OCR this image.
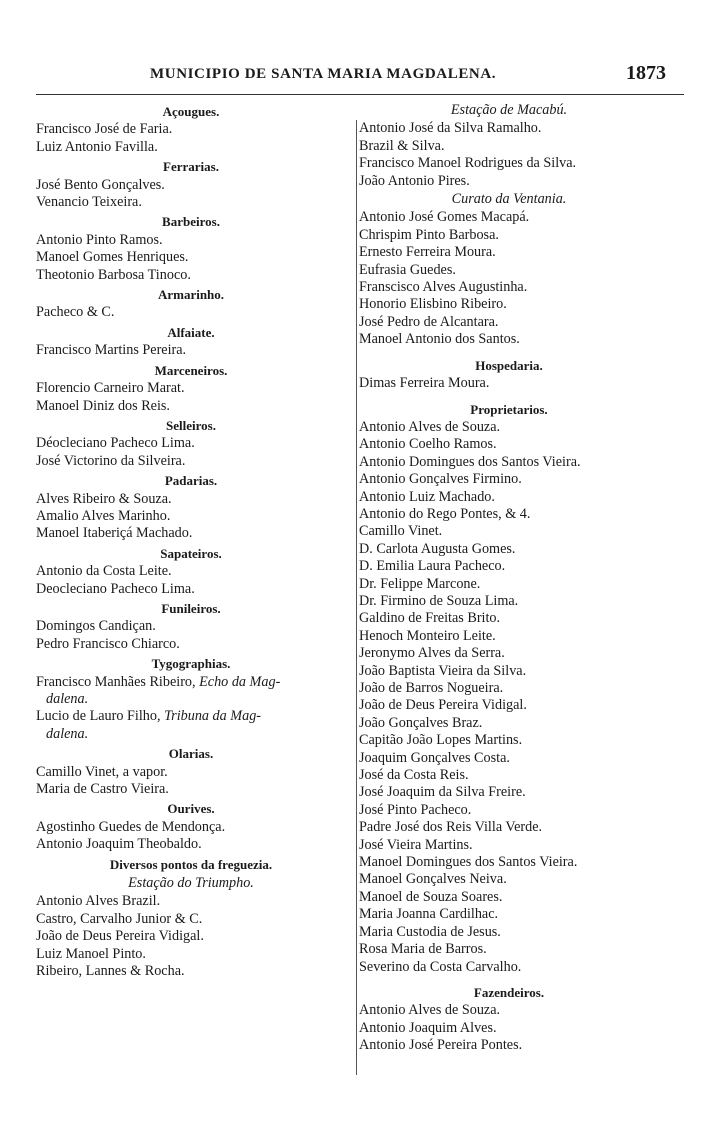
MUNICIPIO DE SANTA MARIA MAGDALENA.	1873
Açougues.
Francisco José de Faria.
Luiz Antonio Favilla.
Ferrarias.
José Bento Gonçalves.
Venancio Teixeira.
Barbeiros.
Antonio Pinto Ramos.
Manoel Gomes Henriques.
Theotonio Barbosa Tinoco.
Armarinho.
Pacheco & C.
Alfaiate.
Francisco Martins Pereira.
Marceneiros.
Florencio Carneiro Marat.
Manoel Diniz dos Reis.
Selleiros.
Déocleciano Pacheco Lima.
José Victorino da Silveira.
Padarias.
Alves Ribeiro & Souza.
Amalio Alves Marinho.
Manoel Itaberiçá Machado.
Sapateiros.
Antonio da Costa Leite.
Deocleciano Pacheco Lima.
Funileiros.
Domingos Candiçan.
Pedro Francisco Chiarco.
Tygographias.
Francisco Manhães Ribeiro, Echo da Mag-
dalena.
Lucio de Lauro Filho, Tribuna da Mag-
dalena.
Olarias.
Camillo Vinet, a vapor.
Maria de Castro Vieira.
Ourives.
Agostinho Guedes de Mendonça.
Antonio Joaquim Theobaldo.
Diversos pontos da freguezia.
Estação do Triumpho.
Antonio Alves Brazil.
Castro, Carvalho Junior & C.
João de Deus Pereira Vidigal.
Luiz Manoel Pinto.
Ribeiro, Lannes & Rocha.
Estação de Macabú.
Antonio José da Silva Ramalho.
Brazil & Silva.
Francisco Manoel Rodrigues da Silva.
João Antonio Pires.
Curato da Ventania.
Antonio José Gomes Macapá.
Chrispim Pinto Barbosa.
Ernesto Ferreira Moura.
Eufrasia Guedes.
Franscisco Alves Augustinha.
Honorio Elisbino Ribeiro.
José Pedro de Alcantara.
Manoel Antonio dos Santos.
Hospedaria.
Dimas Ferreira Moura.
Proprietarios.
Antonio Alves de Souza.
Antonio Coelho Ramos.
Antonio Domingues dos Santos Vieira.
Antonio Gonçalves Firmino.
Antonio Luiz Machado.
Antonio do Rego Pontes, & 4.
Camillo Vinet.
D. Carlota Augusta Gomes.
D. Emilia Laura Pacheco.
Dr. Felippe Marcone.
Dr. Firmino de Souza Lima.
Galdino de Freitas Brito.
Henoch Monteiro Leite.
Jeronymo Alves da Serra.
João Baptista Vieira da Silva.
João de Barros Nogueira.
João de Deus Pereira Vidigal.
João Gonçalves Braz.
Capitão João Lopes Martins.
Joaquim Gonçalves Costa.
José da Costa Reis.
José Joaquim da Silva Freire.
José Pinto Pacheco.
Padre José dos Reis Villa Verde.
José Vieira Martins.
Manoel Domingues dos Santos Vieira.
Manoel Gonçalves Neiva.
Manoel de Souza Soares.
Maria Joanna Cardilhac.
Maria Custodia de Jesus.
Rosa Maria de Barros.
Severino da Costa Carvalho.
Fazendeiros.
Antonio Alves de Souza.
Antonio Joaquim Alves.
Antonio José Pereira Pontes.
